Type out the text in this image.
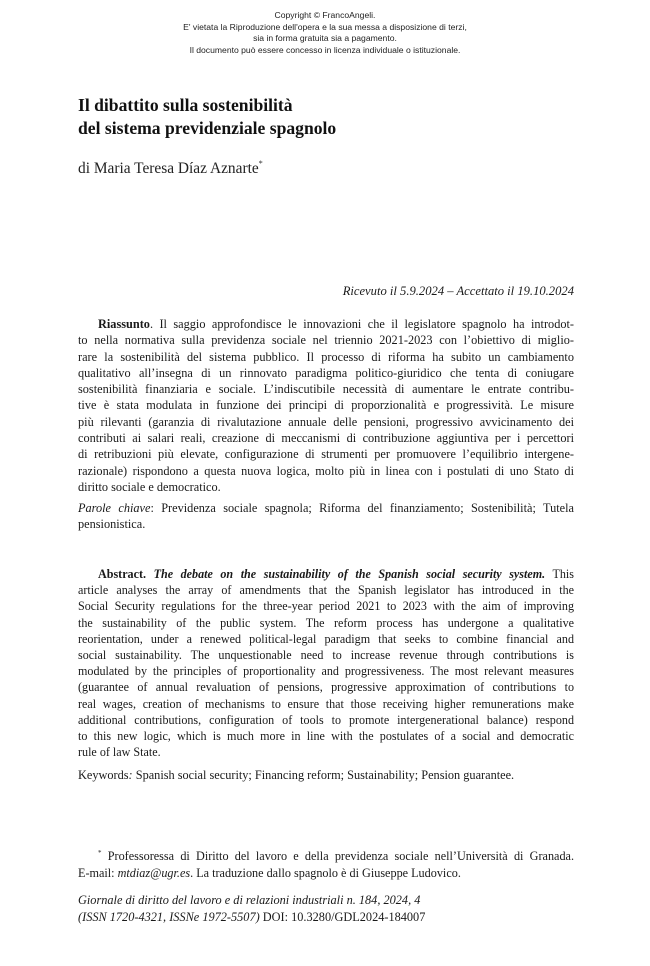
Copyright © FrancoAngeli.
E' vietata la Riproduzione dell'opera e la sua messa a disposizione di terzi,
sia in forma gratuita sia a pagamento.
Il documento può essere concesso in licenza individuale o istituzionale.
Il dibattito sulla sostenibilità
del sistema previdenziale spagnolo
di Maria Teresa Díaz Aznarte*
Ricevuto il 5.9.2024 – Accettato il 19.10.2024
Riassunto. Il saggio approfondisce le innovazioni che il legislatore spagnolo ha introdot-
to nella normativa sulla previdenza sociale nel triennio 2021-2023 con l’obiettivo di miglio-
rare la sostenibilità del sistema pubblico. Il processo di riforma ha subito un cambiamento
qualitativo all’insegna di un rinnovato paradigma politico-giuridico che tenta di coniugare
sostenibilità finanziaria e sociale. L’indiscutibile necessità di aumentare le entrate contribu-
tive è stata modulata in funzione dei principi di proporzionalità e progressività. Le misure
più rilevanti (garanzia di rivalutazione annuale delle pensioni, progressivo avvicinamento dei
contributi ai salari reali, creazione di meccanismi di contribuzione aggiuntiva per i percettori
di retribuzioni più elevate, configurazione di strumenti per promuovere l’equilibrio intergene-
razionale) rispondono a questa nuova logica, molto più in linea con i postulati di uno Stato di
diritto sociale e democratico.
Parole chiave: Previdenza sociale spagnola; Riforma del finanziamento; Sostenibilità; Tutela
pensionistica.
Abstract. The debate on the sustainability of the Spanish social security system. This
article analyses the array of amendments that the Spanish legislator has introduced in the
Social Security regulations for the three-year period 2021 to 2023 with the aim of improving
the sustainability of the public system. The reform process has undergone a qualitative
reorientation, under a renewed political-legal paradigm that seeks to combine financial and
social sustainability. The unquestionable need to increase revenue through contributions is
modulated by the principles of proportionality and progressiveness. The most relevant measures
(guarantee of annual revaluation of pensions, progressive approximation of contributions to
real wages, creation of mechanisms to ensure that those receiving higher remunerations make
additional contributions, configuration of tools to promote intergenerational balance) respond
to this new logic, which is much more in line with the postulates of a social and democratic
rule of law State.
Keywords: Spanish social security; Financing reform; Sustainability; Pension guarantee.
* Professoressa di Diritto del lavoro e della previdenza sociale nell’Università di Granada.
E-mail: mtdiaz@ugr.es. La traduzione dallo spagnolo è di Giuseppe Ludovico.
Giornale di diritto del lavoro e di relazioni industriali n. 184, 2024, 4
(ISSN 1720-4321, ISSNe 1972-5507) DOI: 10.3280/GDL2024-184007
